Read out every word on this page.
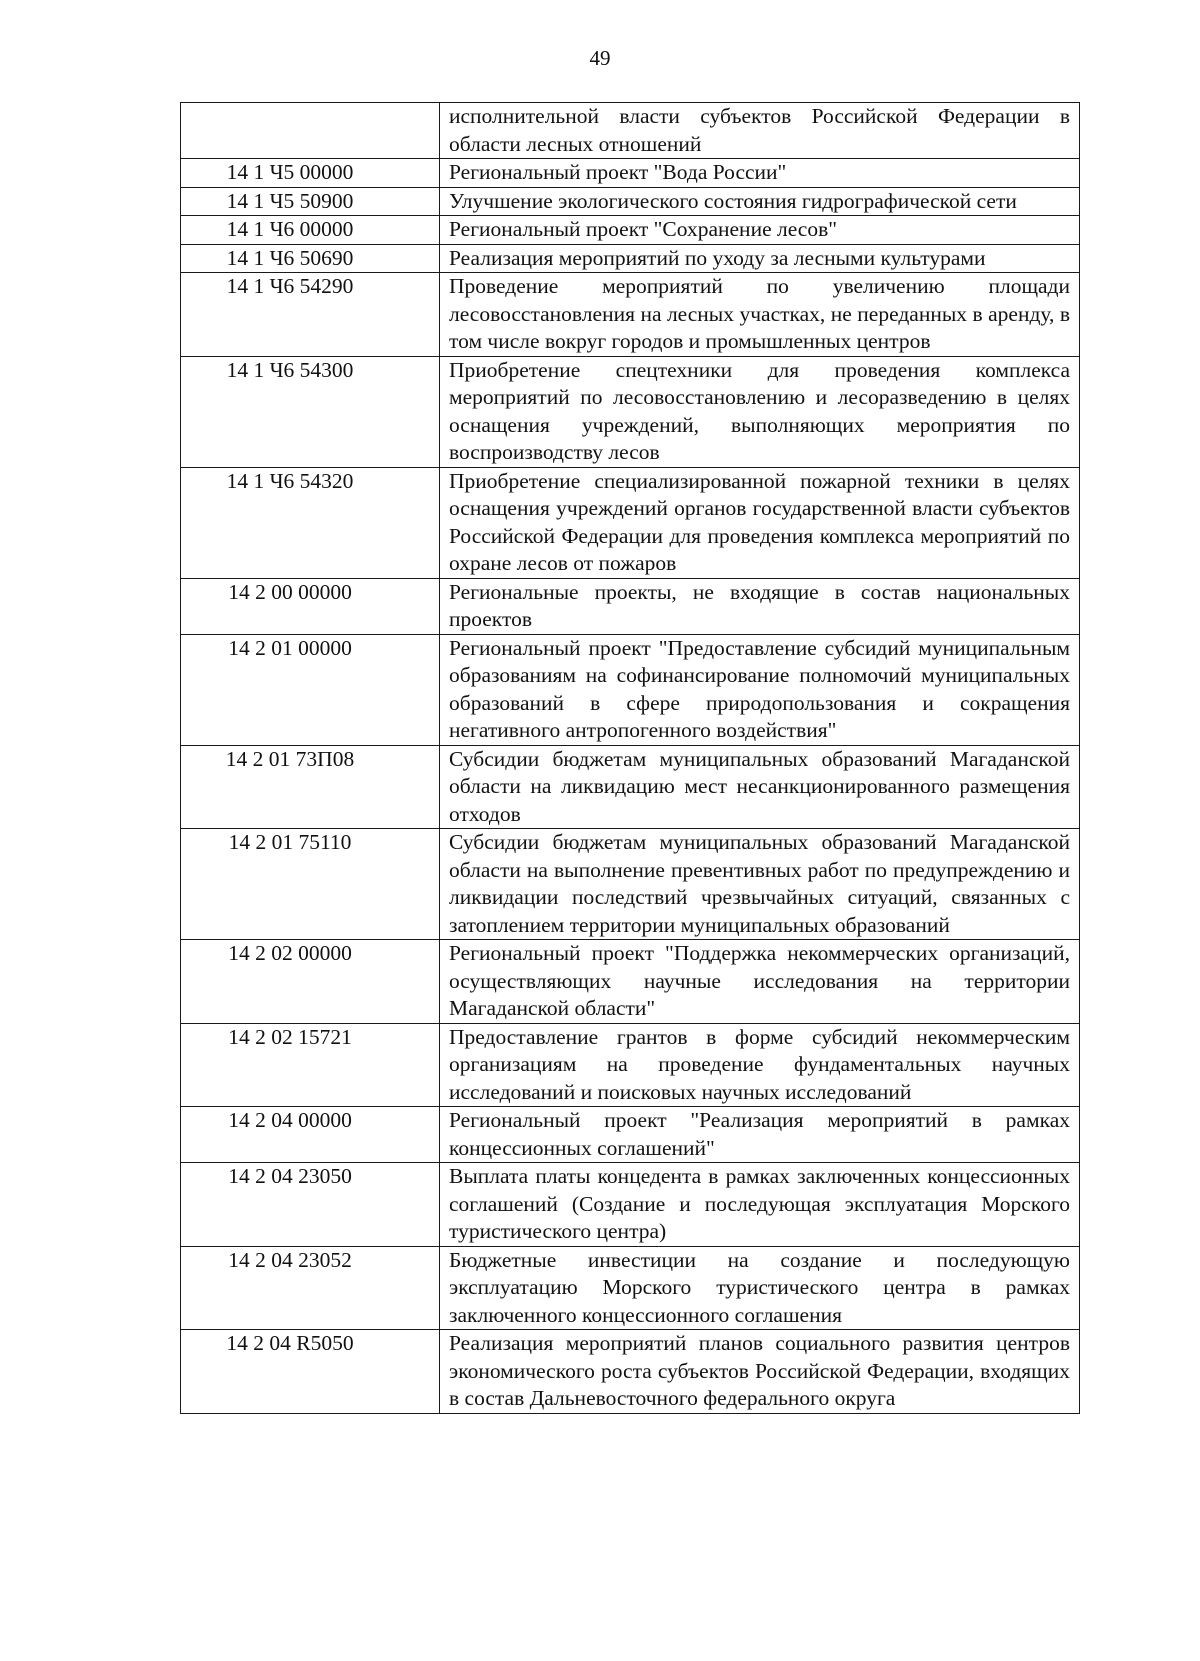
49
	исполнительной власти субъектов Российской Федерации в области лесных отношений
14 1 Ч5 00000	Региональный проект "Вода России"
14 1 Ч5 50900	Улучшение экологического состояния гидрографической сети
14 1 Ч6 00000	Региональный проект "Сохранение лесов"
14 1 Ч6 50690	Реализация мероприятий по уходу за лесными культурами
14 1 Ч6 54290	Проведение мероприятий по увеличению площади лесовосстановления на лесных участках, не переданных в аренду, в том числе вокруг городов и промышленных центров
14 1 Ч6 54300	Приобретение спецтехники для проведения комплекса мероприятий по лесовосстановлению и лесоразведению в целях оснащения учреждений, выполняющих мероприятия по воспроизводству лесов
14 1 Ч6 54320	Приобретение специализированной пожарной техники в целях оснащения учреждений органов государственной власти субъектов Российской Федерации для проведения комплекса мероприятий по охране лесов от пожаров
14 2 00 00000	Региональные проекты, не входящие в состав национальных проектов
14 2 01 00000	Региональный проект "Предоставление субсидий муниципальным образованиям на софинансирование полномочий муниципальных образований в сфере природопользования и сокращения негативного антропогенного воздействия"
14 2 01 73П08	Субсидии бюджетам муниципальных образований Магаданской области на ликвидацию мест несанкционированного размещения отходов
14 2 01 75110	Субсидии бюджетам муниципальных образований Магаданской области на выполнение превентивных работ по предупреждению и ликвидации последствий чрезвычайных ситуаций, связанных с затоплением территории муниципальных образований
14 2 02 00000	Региональный проект "Поддержка некоммерческих организаций, осуществляющих научные исследования на территории Магаданской области"
14 2 02 15721	Предоставление грантов в форме субсидий некоммерческим организациям на проведение фундаментальных научных исследований и поисковых научных исследований
14 2 04 00000	Региональный проект "Реализация мероприятий в рамках концессионных соглашений"
14 2 04 23050	Выплата платы концедента в рамках заключенных концессионных соглашений (Создание и последующая эксплуатация Морского туристического центра)
14 2 04 23052	Бюджетные инвестиции на создание и последующую эксплуатацию Морского туристического центра в рамках заключенного концессионного соглашения
14 2 04 R5050	Реализация мероприятий планов социального развития центров экономического роста субъектов Российской Федерации, входящих в состав Дальневосточного федерального округа
